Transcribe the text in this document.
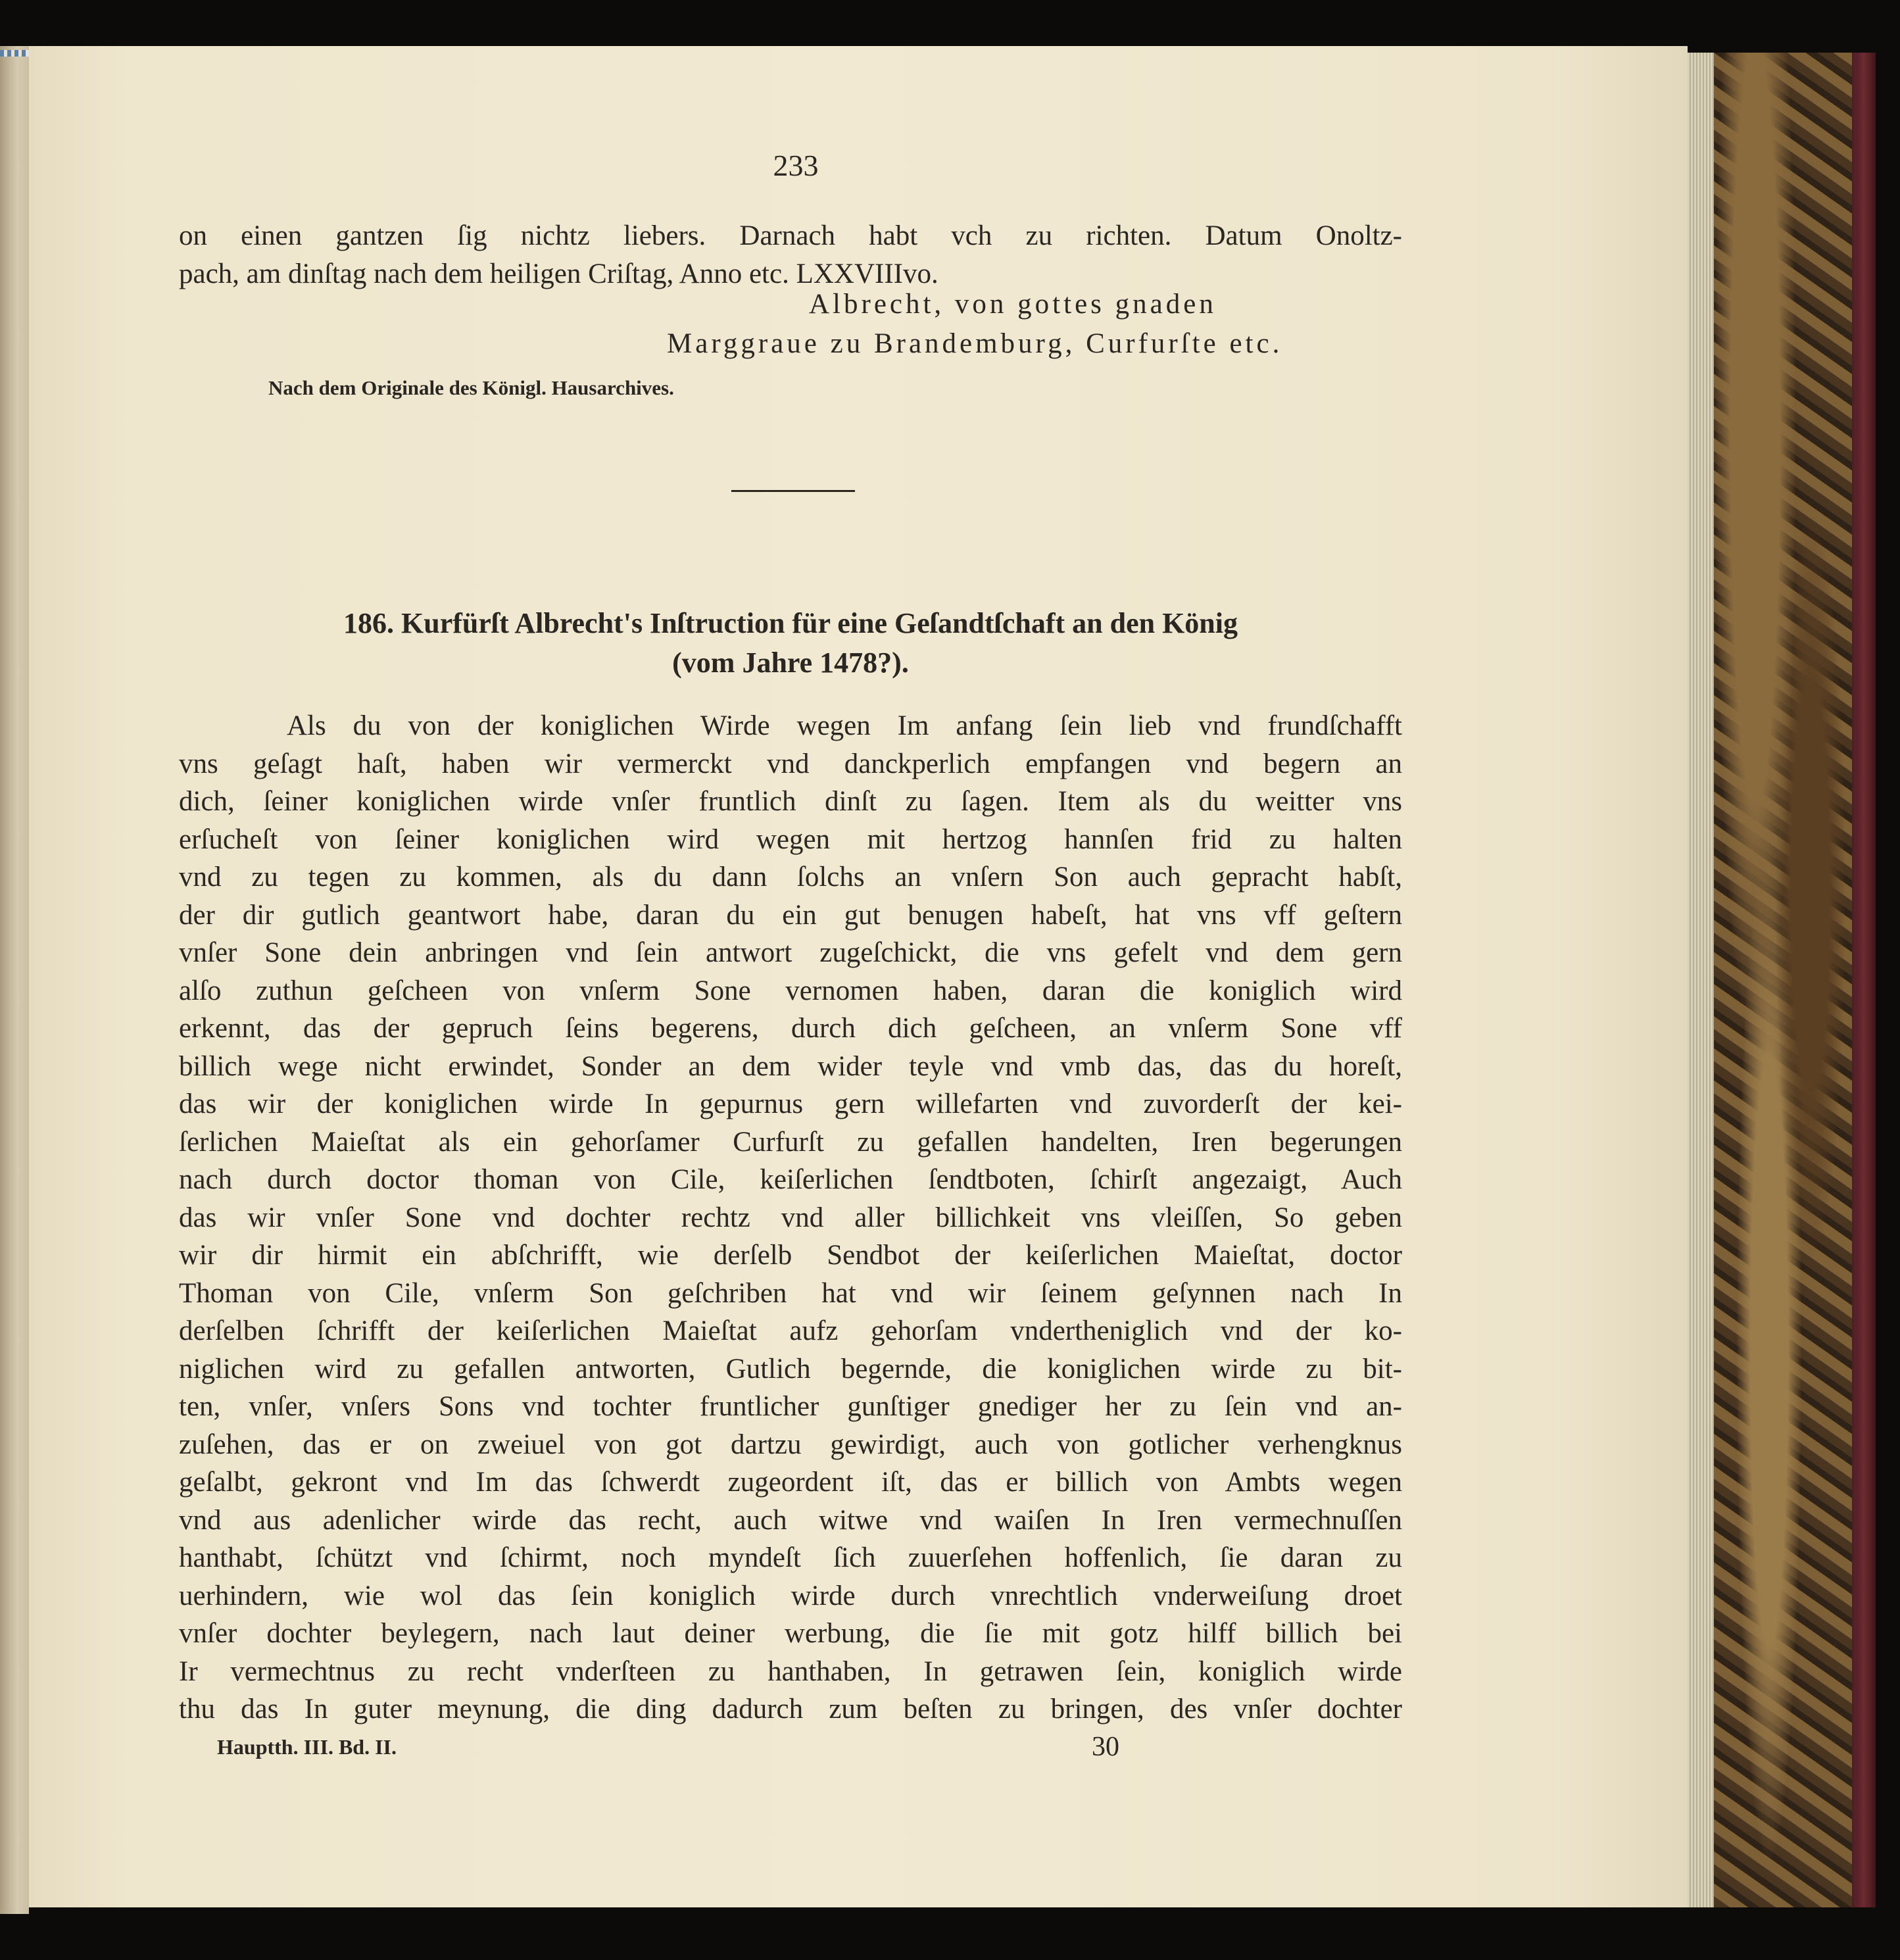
233
on einen gantzen ſig nichtz liebers. Darnach habt vch zu richten. Datum Onoltz-
pach, am dinſtag nach dem heiligen Criſtag, Anno etc. LXXVIIIvo.
Albrecht, von gottes gnaden
Marggraue zu Brandemburg, Curfurſte etc.
Nach dem Originale des Königl. Hausarchives.
186. Kurfürſt Albrecht's Inſtruction für eine Geſandtſchaft an den König
(vom Jahre 1478?).
Als du von der koniglichen Wirde wegen Im anfang ſein lieb vnd frundſchafft
vns geſagt haſt, haben wir vermerckt vnd danckperlich empfangen vnd begern an
dich, ſeiner koniglichen wirde vnſer fruntlich dinſt zu ſagen. Item als du weitter vns
erſucheſt von ſeiner koniglichen wird wegen mit hertzog hannſen frid zu halten
vnd zu tegen zu kommen, als du dann ſolchs an vnſern Son auch gepracht habſt,
der dir gutlich geantwort habe, daran du ein gut benugen habeſt, hat vns vff geſtern
vnſer Sone dein anbringen vnd ſein antwort zugeſchickt, die vns gefelt vnd dem gern
alſo zuthun geſcheen von vnſerm Sone vernomen haben, daran die koniglich wird
erkennt, das der gepruch ſeins begerens, durch dich geſcheen, an vnſerm Sone vff
billich wege nicht erwindet, Sonder an dem wider teyle vnd vmb das, das du horeſt,
das wir der koniglichen wirde In gepurnus gern willefarten vnd zuvorderſt der kei-
ſerlichen Maieſtat als ein gehorſamer Curfurſt zu gefallen handelten, Iren begerungen
nach durch doctor thoman von Cile, keiſerlichen ſendtboten, ſchirſt angezaigt, Auch
das wir vnſer Sone vnd dochter rechtz vnd aller billichkeit vns vleiſſen, So geben
wir dir hirmit ein abſchrifft, wie derſelb Sendbot der keiſerlichen Maieſtat, doctor
Thoman von Cile, vnſerm Son geſchriben hat vnd wir ſeinem geſynnen nach In
derſelben ſchrifft der keiſerlichen Maieſtat aufz gehorſam vndertheniglich vnd der ko-
niglichen wird zu gefallen antworten, Gutlich begernde, die koniglichen wirde zu bit-
ten, vnſer, vnſers Sons vnd tochter fruntlicher gunſtiger gnediger her zu ſein vnd an-
zuſehen, das er on zweiuel von got dartzu gewirdigt, auch von gotlicher verhengknus
geſalbt, gekront vnd Im das ſchwerdt zugeordent iſt, das er billich von Ambts wegen
vnd aus adenlicher wirde das recht, auch witwe vnd waiſen In Iren vermechnuſſen
hanthabt, ſchützt vnd ſchirmt, noch myndeſt ſich zuuerſehen hoffenlich, ſie daran zu
uerhindern, wie wol das ſein koniglich wirde durch vnrechtlich vnderweiſung droet
vnſer dochter beylegern, nach laut deiner werbung, die ſie mit gotz hilff billich bei
Ir vermechtnus zu recht vnderſteen zu hanthaben, In getrawen ſein, koniglich wirde
thu das In guter meynung, die ding dadurch zum beſten zu bringen, des vnſer dochter
Hauptth. III. Bd. II.	30
